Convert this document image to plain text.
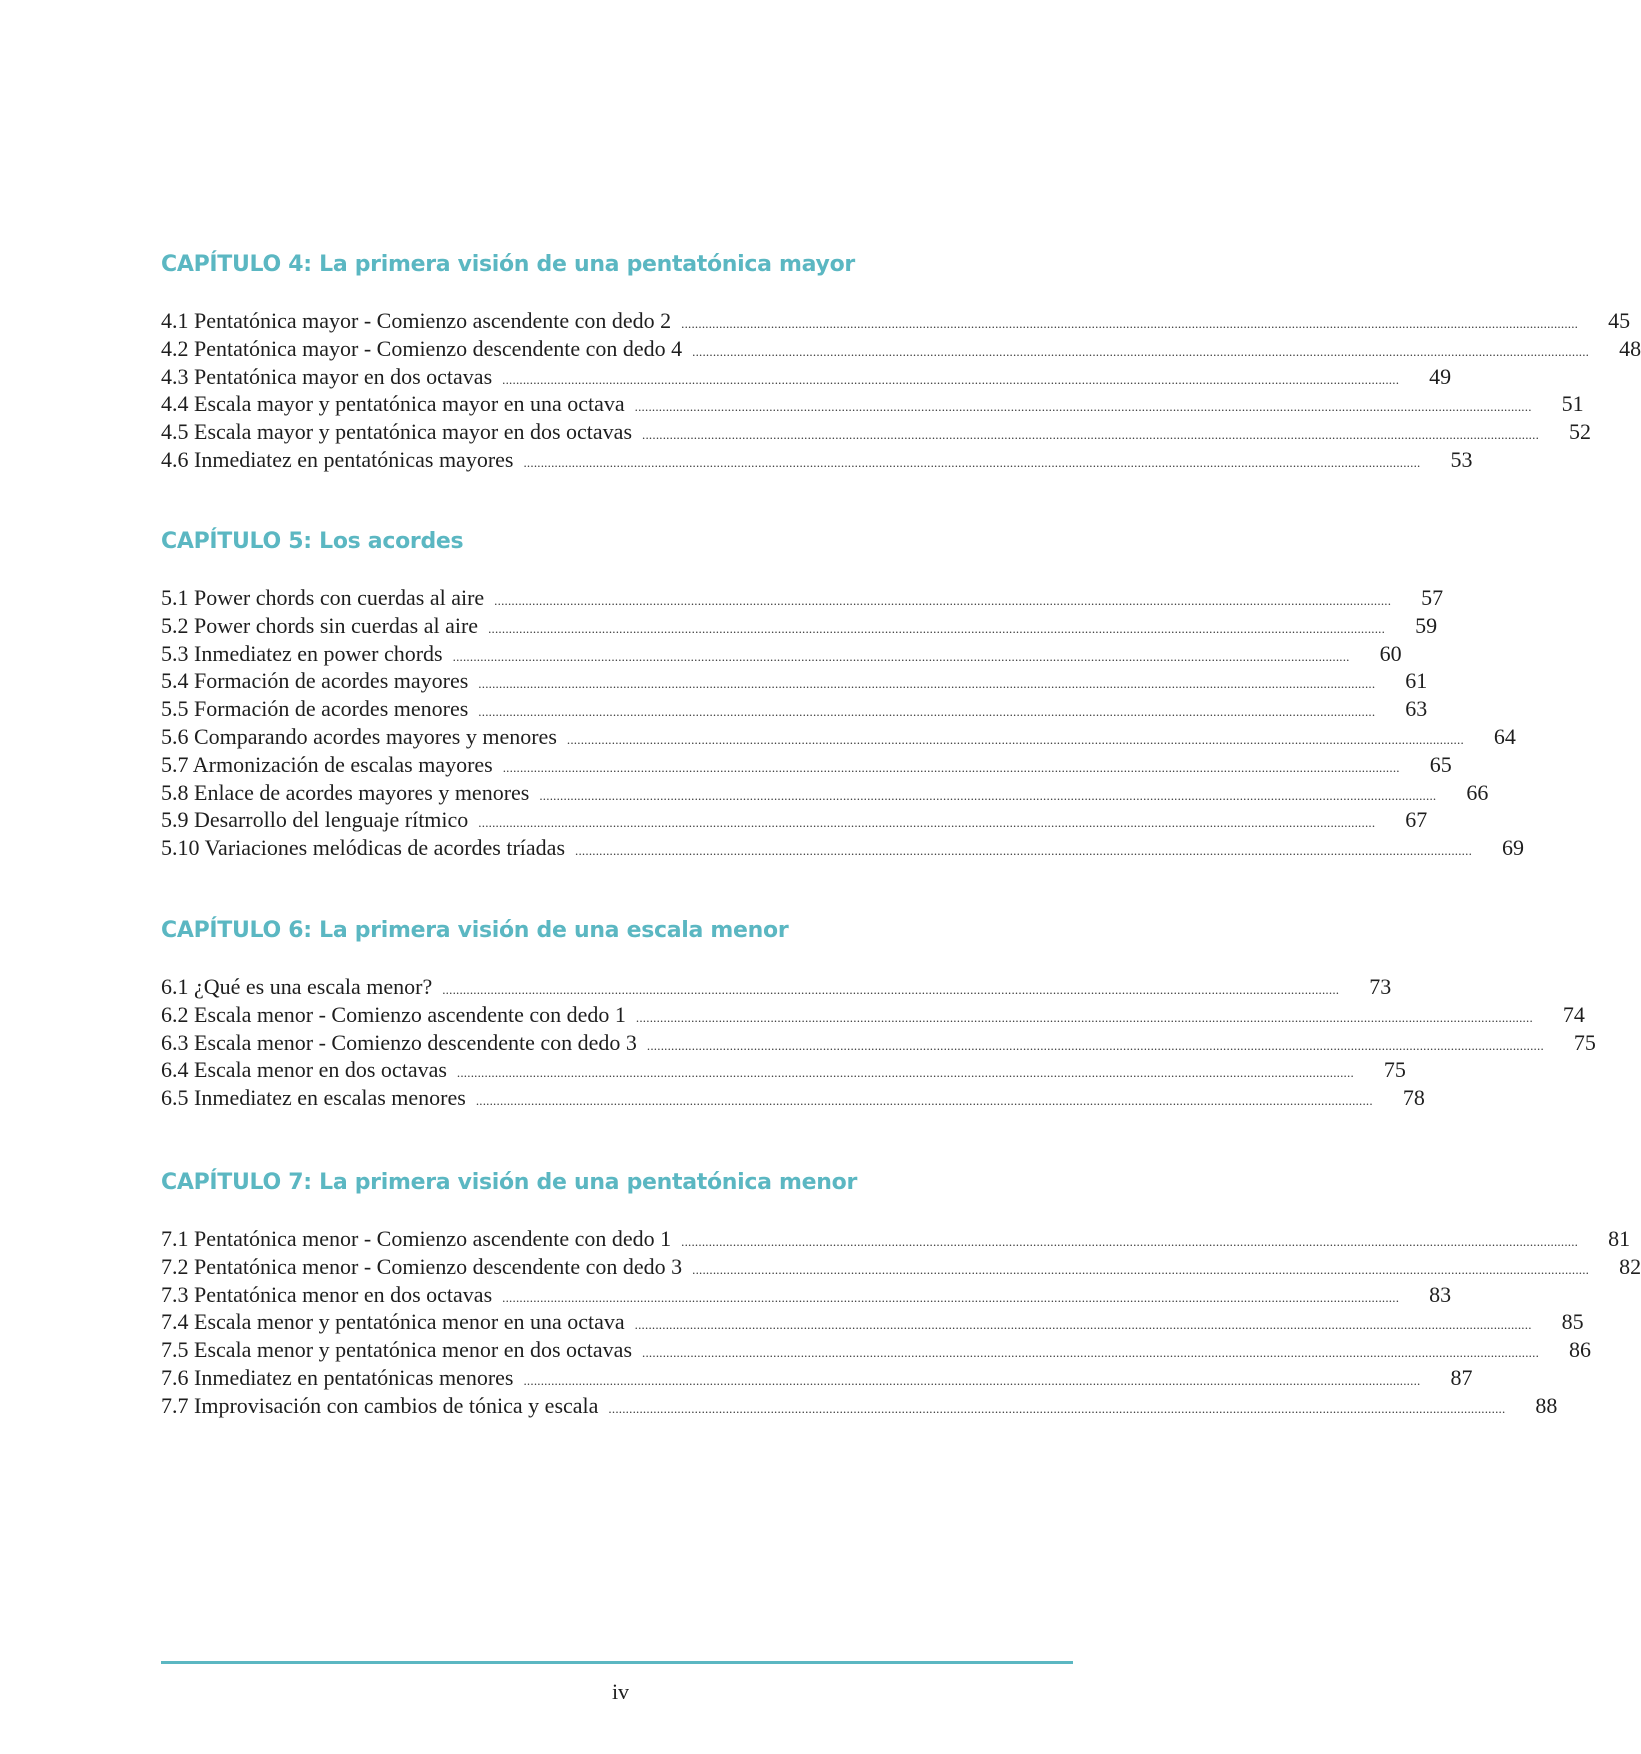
CAPÍTULO 4: La primera visión de una pentatónica mayor
4.1 Pentatónica mayor - Comienzo ascendente con dedo 2 .................................................................................................................................................................................................................................................................... 45
4.2 Pentatónica mayor - Comienzo descendente con dedo 4 .................................................................................................................................................................................................................................................................... 48
4.3 Pentatónica mayor en dos octavas .................................................................................................................................................................................................................................................................... 49
4.4 Escala mayor y pentatónica mayor en una octava .................................................................................................................................................................................................................................................................... 51
4.5 Escala mayor y pentatónica mayor en dos octavas .................................................................................................................................................................................................................................................................... 52
4.6 Inmediatez en pentatónicas mayores .................................................................................................................................................................................................................................................................... 53
CAPÍTULO 5: Los acordes
5.1 Power chords con cuerdas al aire .................................................................................................................................................................................................................................................................... 57
5.2 Power chords sin cuerdas al aire .................................................................................................................................................................................................................................................................... 59
5.3 Inmediatez en power chords .................................................................................................................................................................................................................................................................... 60
5.4 Formación de acordes mayores .................................................................................................................................................................................................................................................................... 61
5.5 Formación de acordes menores .................................................................................................................................................................................................................................................................... 63
5.6 Comparando acordes mayores y menores .................................................................................................................................................................................................................................................................... 64
5.7 Armonización de escalas mayores .................................................................................................................................................................................................................................................................... 65
5.8 Enlace de acordes mayores y menores .................................................................................................................................................................................................................................................................... 66
5.9 Desarrollo del lenguaje rítmico .................................................................................................................................................................................................................................................................... 67
5.10 Variaciones melódicas de acordes tríadas .................................................................................................................................................................................................................................................................... 69
CAPÍTULO 6: La primera visión de una escala menor
6.1 ¿Qué es una escala menor? .................................................................................................................................................................................................................................................................... 73
6.2 Escala menor - Comienzo ascendente con dedo 1 .................................................................................................................................................................................................................................................................... 74
6.3 Escala menor - Comienzo descendente con dedo 3 .................................................................................................................................................................................................................................................................... 75
6.4 Escala menor en dos octavas .................................................................................................................................................................................................................................................................... 75
6.5 Inmediatez en escalas menores .................................................................................................................................................................................................................................................................... 78
CAPÍTULO 7: La primera visión de una pentatónica menor
7.1 Pentatónica menor - Comienzo ascendente con dedo 1 .................................................................................................................................................................................................................................................................... 81
7.2 Pentatónica menor - Comienzo descendente con dedo 3 .................................................................................................................................................................................................................................................................... 82
7.3 Pentatónica menor en dos octavas .................................................................................................................................................................................................................................................................... 83
7.4 Escala menor y pentatónica menor en una octava .................................................................................................................................................................................................................................................................... 85
7.5 Escala menor y pentatónica menor en dos octavas .................................................................................................................................................................................................................................................................... 86
7.6 Inmediatez en pentatónicas menores .................................................................................................................................................................................................................................................................... 87
7.7 Improvisación con cambios de tónica y escala .................................................................................................................................................................................................................................................................... 88
iv
